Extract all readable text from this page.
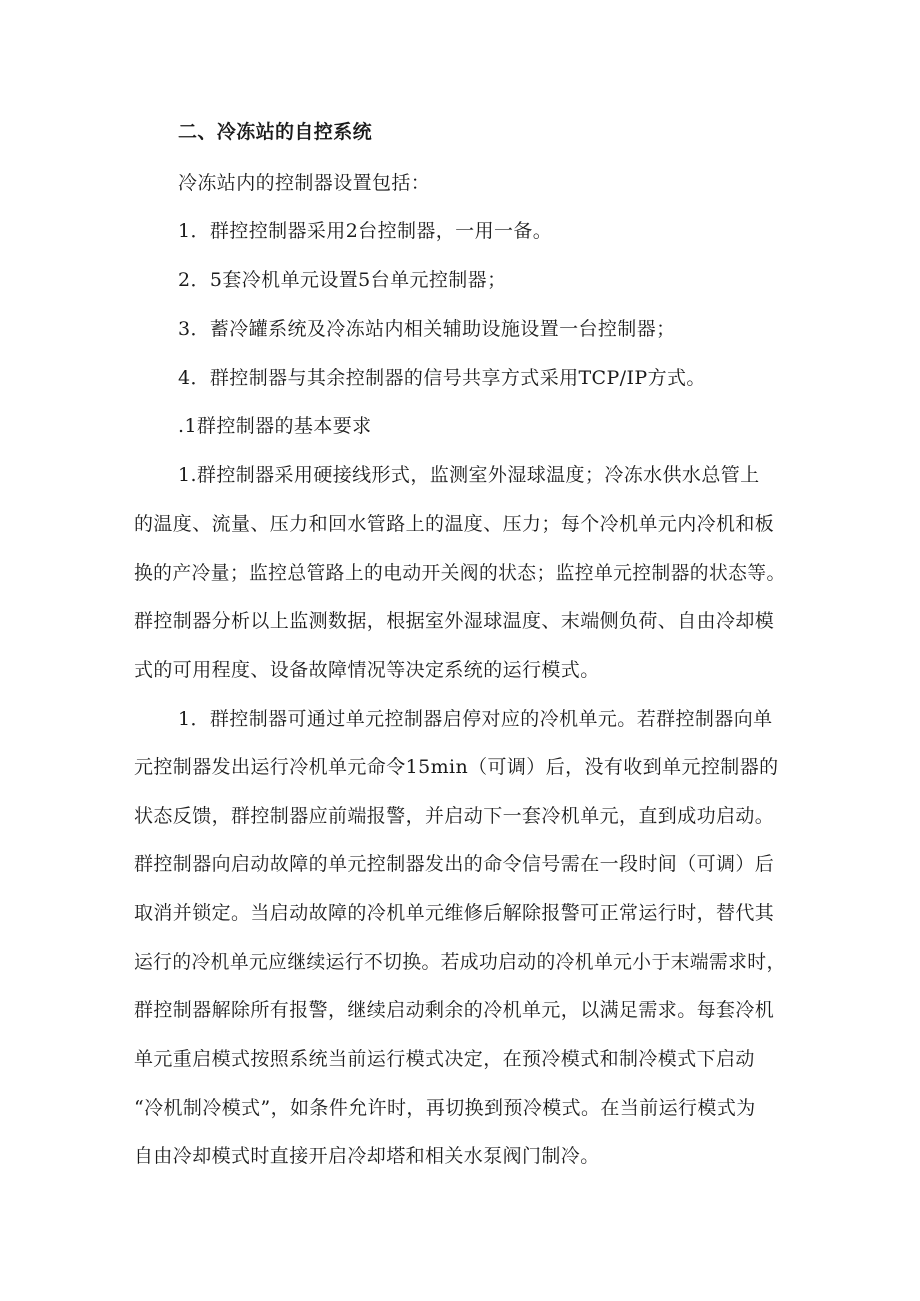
二、冷冻站的自控系统
冷冻站内的控制器设置包括：
1．群控控制器采用2台控制器，一用一备。
2．5套冷机单元设置5台单元控制器；
3．蓄冷罐系统及冷冻站内相关辅助设施设置一台控制器；
4．群控制器与其余控制器的信号共享方式采用TCP/IP方式。
.1群控制器的基本要求
1.群控制器采用硬接线形式，监测室外湿球温度；冷冻水供水总管上
的温度、流量、压力和回水管路上的温度、压力；每个冷机单元内冷机和板
换的产冷量；监控总管路上的电动开关阀的状态；监控单元控制器的状态等。
群控制器分析以上监测数据，根据室外湿球温度、末端侧负荷、自由冷却模
式的可用程度、设备故障情况等决定系统的运行模式。
1．群控制器可通过单元控制器启停对应的冷机单元。若群控制器向单
元控制器发出运行冷机单元命令15min（可调）后，没有收到单元控制器的
状态反馈，群控制器应前端报警，并启动下一套冷机单元，直到成功启动。
群控制器向启动故障的单元控制器发出的命令信号需在一段时间（可调）后
取消并锁定。当启动故障的冷机单元维修后解除报警可正常运行时，替代其
运行的冷机单元应继续运行不切换。若成功启动的冷机单元小于末端需求时，
群控制器解除所有报警，继续启动剩余的冷机单元，以满足需求。每套冷机
单元重启模式按照系统当前运行模式决定，在预冷模式和制冷模式下启动
“冷机制冷模式”，如条件允许时，再切换到预冷模式。在当前运行模式为
自由冷却模式时直接开启冷却塔和相关水泵阀门制冷。
